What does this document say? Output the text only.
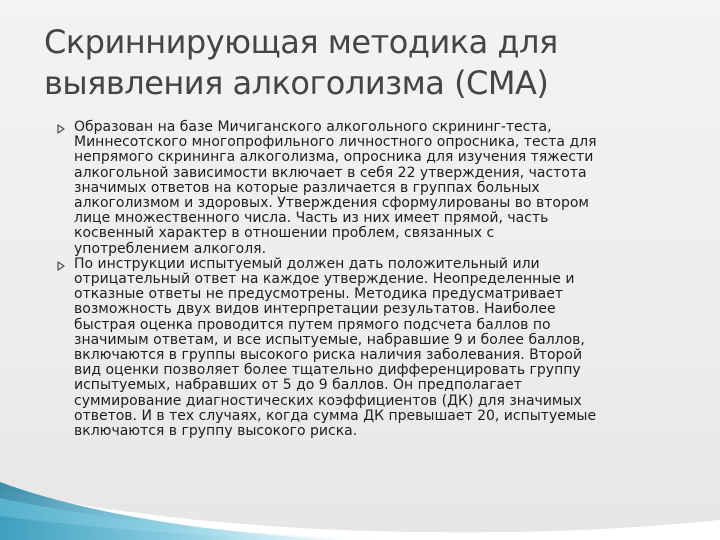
Скриннирующая методика для
выявления алкоголизма (СМА)
Образован на базе Мичиганского алкогольного скрининг-теста,
Миннесотского многопрофильного личностного опросника, теста для
непрямого скрининга алкоголизма, опросника для изучения тяжести
алкогольной зависимости включает в себя 22 утверждения, частота
значимых ответов на которые различается в группах больных
алкоголизмом и здоровых. Утверждения сформулированы во втором
лице множественного числа. Часть из них имеет прямой, часть
косвенный характер в отношении проблем, связанных с
употреблением алкоголя.
По инструкции испытуемый должен дать положительный или
отрицательный ответ на каждое утверждение. Неопределенные и
отказные ответы не предусмотрены. Методика предусматривает
возможность двух видов интерпретации результатов. Наиболее
быстрая оценка проводится путем прямого подсчета баллов по
значимым ответам, и все испытуемые, набравшие 9 и более баллов,
включаются в группы высокого риска наличия заболевания. Второй
вид оценки позволяет более тщательно дифференцировать группу
испытуемых, набравших от 5 до 9 баллов. Он предполагает
суммирование диагностических коэффициентов (ДК) для значимых
ответов. И в тех случаях, когда сумма ДК превышает 20, испытуемые
включаются в группу высокого риска.
